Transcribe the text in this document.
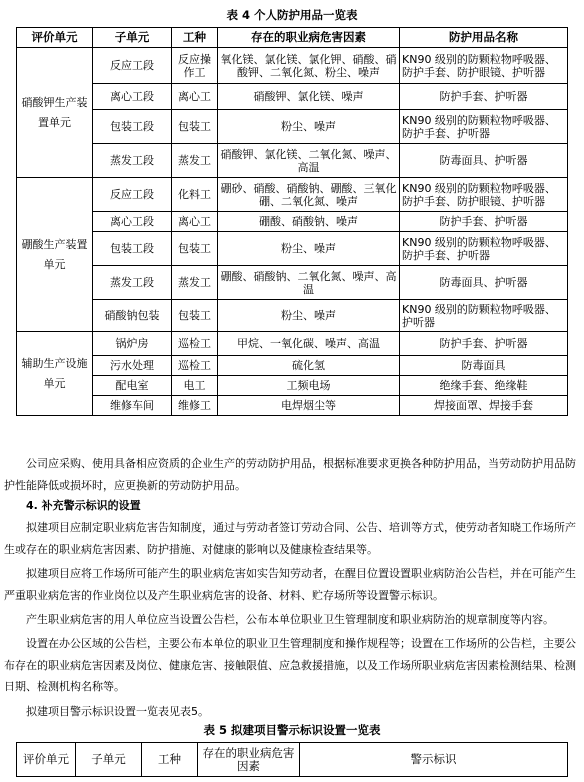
表 4 个人防护用品一览表
评价单元	子单元	工种	存在的职业病危害因素	防护用品名称
硝酸钾生产装置单元	反应工段	反应操作工	氧化镁、氯化镁、氯化钾、硝酸、硝酸钾、二氧化氮、粉尘、噪声	KN90 级别的防颗粒物呼吸器、防护手套、防护眼镜、护听器
	离心工段	离心工	硝酸钾、氯化镁、噪声	防护手套、护听器
	包装工段	包装工	粉尘、噪声	KN90 级别的防颗粒物呼吸器、防护手套、护听器
	蒸发工段	蒸发工	硝酸钾、氯化镁、二氧化氮、噪声、高温	防毒面具、护听器
硼酸生产装置单元	反应工段	化料工	硼砂、硝酸、硝酸钠、硼酸、三氧化硼、二氧化氮、噪声	KN90 级别的防颗粒物呼吸器、防护手套、防护眼镜、护听器
	离心工段	离心工	硼酸、硝酸钠、噪声	防护手套、护听器
	包装工段	包装工	粉尘、噪声	KN90 级别的防颗粒物呼吸器、防护手套、护听器
	蒸发工段	蒸发工	硼酸、硝酸钠、二氧化氮、噪声、高温	防毒面具、护听器
	硝酸钠包装	包装工	粉尘、噪声	KN90 级别的防颗粒物呼吸器、护听器
辅助生产设施单元	锅炉房	巡检工	甲烷、一氧化碳、噪声、高温	防护手套、护听器
	污水处理	巡检工	硫化氢	防毒面具
	配电室	电工	工频电场	绝缘手套、绝缘鞋
	维修车间	维修工	电焊烟尘等	焊接面罩、焊接手套
公司应采购、使用具备相应资质的企业生产的劳动防护用品，根据标准要求更换各种防护用品，当劳动防护用品防护性能降低或损坏时，应更换新的劳动防护用品。
4. 补充警示标识的设置
拟建项目应制定职业病危害告知制度，通过与劳动者签订劳动合同、公告、培训等方式，使劳动者知晓工作场所产生或存在的职业病危害因素、防护措施、对健康的影响以及健康检查结果等。
拟建项目应将工作场所可能产生的职业病危害如实告知劳动者，在醒目位置设置职业病防治公告栏，并在可能产生严重职业病危害的作业岗位以及产生职业病危害的设备、材料、贮存场所等设置警示标识。
产生职业病危害的用人单位应当设置公告栏，公布本单位职业卫生管理制度和职业病防治的规章制度等内容。
设置在办公区域的公告栏，主要公布本单位的职业卫生管理制度和操作规程等；设置在工作场所的公告栏，主要公布存在的职业病危害因素及岗位、健康危害、接触限值、应急救援措施，以及工作场所职业病危害因素检测结果、检测日期、检测机构名称等。
拟建项目警示标识设置一览表见表5。
表 5 拟建项目警示标识设置一览表
评价单元	子单元	工种	存在的职业病危害因素	警示标识
